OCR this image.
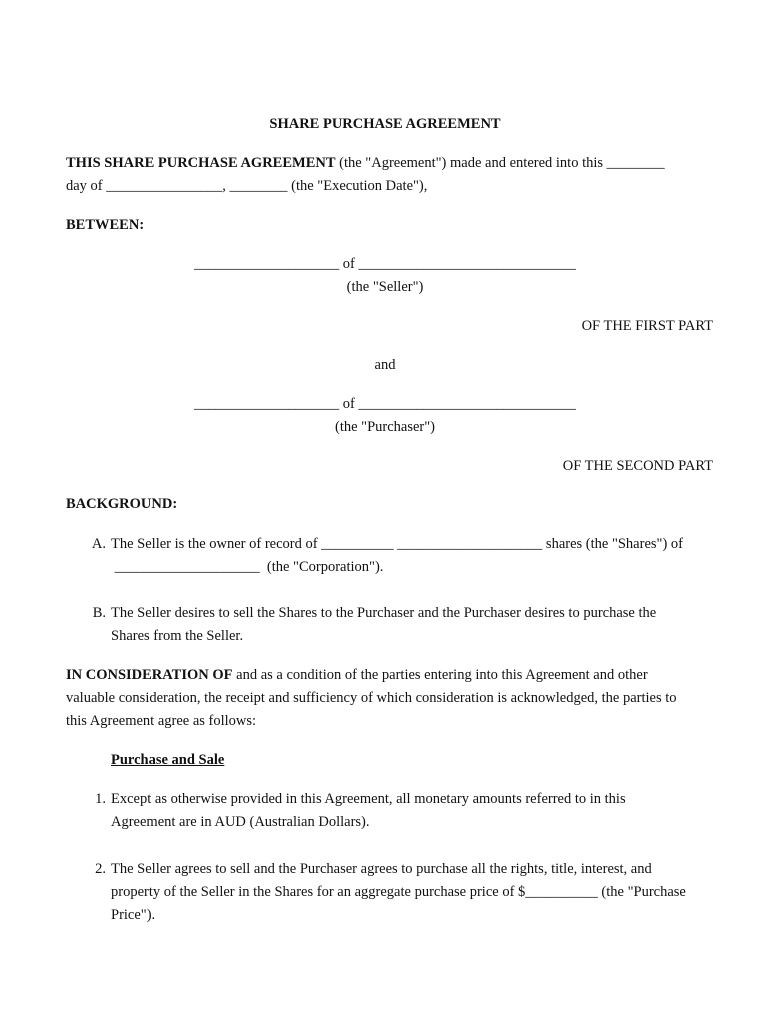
SHARE PURCHASE AGREEMENT
THIS SHARE PURCHASE AGREEMENT (the "Agreement") made and entered into this ________
day of ________________, ________ (the "Execution Date"),
BETWEEN:
____________________ of ______________________________
(the "Seller")
OF THE FIRST PART
and
____________________ of ______________________________
(the "Purchaser")
OF THE SECOND PART
BACKGROUND:
A. The Seller is the owner of record of __________ ____________________ shares (the "Shares") of
____________________  (the "Corporation").
B. The Seller desires to sell the Shares to the Purchaser and the Purchaser desires to purchase the
Shares from the Seller.
IN CONSIDERATION OF and as a condition of the parties entering into this Agreement and other
valuable consideration, the receipt and sufficiency of which consideration is acknowledged, the parties to
this Agreement agree as follows:
Purchase and Sale
1. Except as otherwise provided in this Agreement, all monetary amounts referred to in this
Agreement are in AUD (Australian Dollars).
2. The Seller agrees to sell and the Purchaser agrees to purchase all the rights, title, interest, and
property of the Seller in the Shares for an aggregate purchase price of $__________ (the "Purchase
Price").
